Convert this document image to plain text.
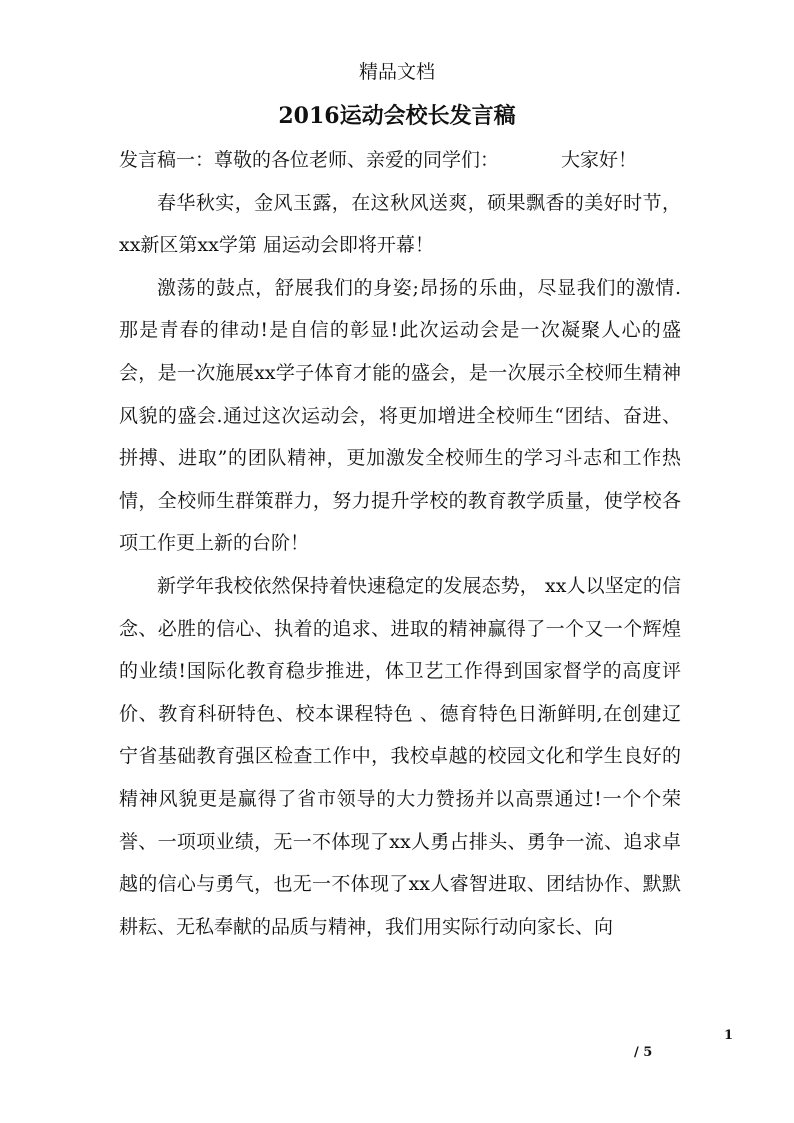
精品文档
2016运动会校长发言稿

发言稿一：尊敬的各位老师、亲爱的同学们：	大家好！

春华秋实，金风玉露，在这秋风送爽，硕果飘香的美好时节，xx新区第xx学第 届运动会即将开幕！

激荡的鼓点，舒展我们的身姿;昂扬的乐曲，尽显我们的激情.那是青春的律动!是自信的彰显!此次运动会是一次凝聚人心的盛会，是一次施展xx学子体育才能的盛会，是一次展示全校师生精神风貌的盛会.通过这次运动会，将更加增进全校师生“团结、奋进、拼搏、进取”的团队精神，更加激发全校师生的学习斗志和工作热情，全校师生群策群力，努力提升学校的教育教学质量，使学校各项工作更上新的台阶！

新学年我校依然保持着快速稳定的发展态势， xx人以坚定的信念、必胜的信心、执着的追求、进取的精神赢得了一个又一个辉煌的业绩!国际化教育稳步推进，体卫艺工作得到国家督学的高度评价、教育科研特色、校本课程特色 、德育特色日渐鲜明,在创建辽宁省基础教育强区检查工作中，我校卓越的校园文化和学生良好的精神风貌更是赢得了省市领导的大力赞扬并以高票通过!一个个荣誉、一项项业绩，无一不体现了xx人勇占排头、勇争一流、追求卓越的信心与勇气，也无一不体现了xx人睿智进取、团结协作、默默耕耘、无私奉献的品质与精神，我们用实际行动向家长、向

1
/ 5
